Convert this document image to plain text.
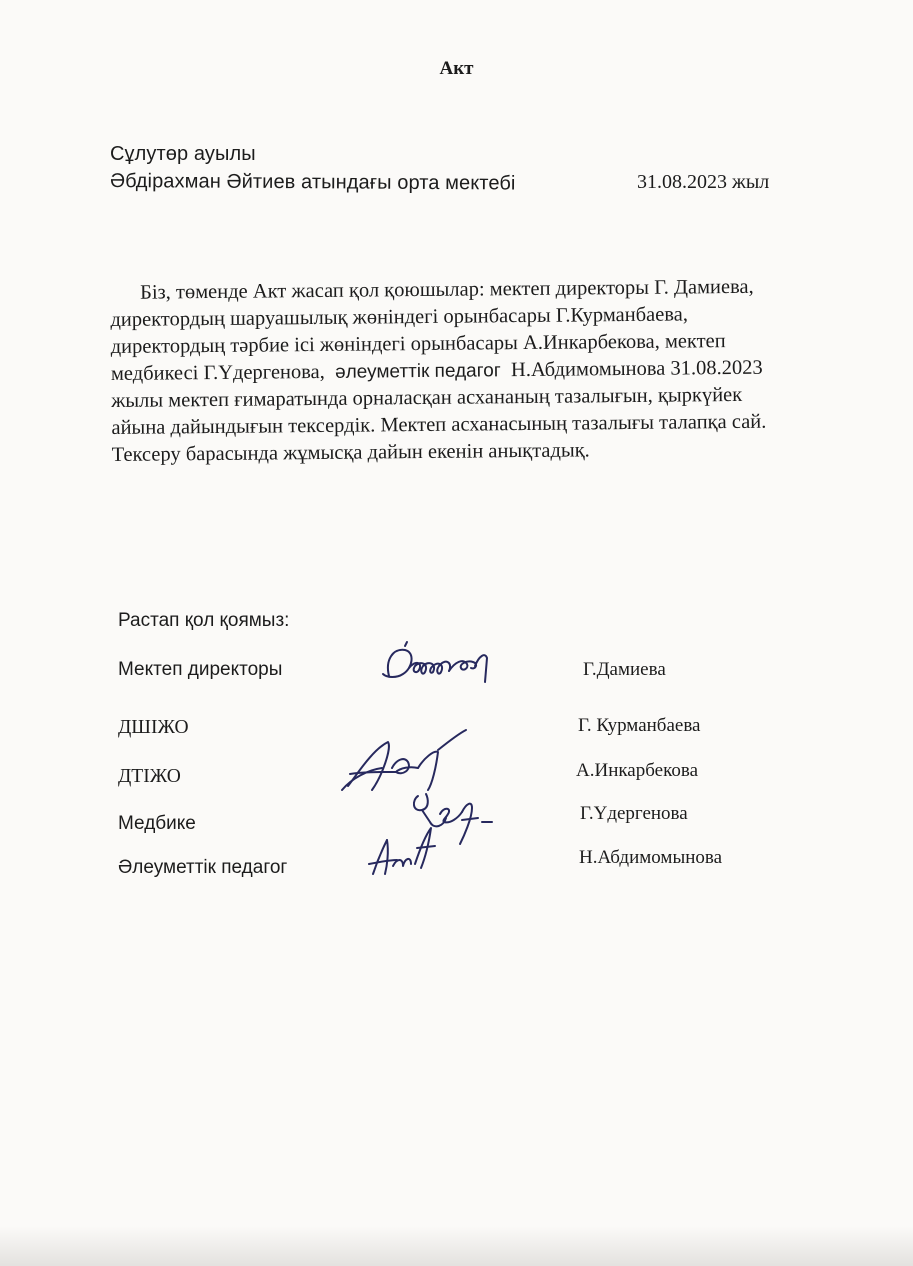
Акт
Сұлутөр ауылы
Әбдірахман Әйтиев атындағы орта мектебі	31.08.2023 жыл
Біз, төменде Акт жасап қол қоюшылар: мектеп директоры Г. Дамиева,
директордың шаруашылық жөніндегі орынбасары Г.Курманбаева,
директордың тәрбие ісі жөніндегі орынбасары А.Инкарбекова, мектеп
медбикесі Г.Үдергенова, әлеуметтік педагог Н.Абдимомынова 31.08.2023
жылы мектеп ғимаратында орналасқан асхананың тазалығын, қыркүйек
айына дайындығын тексердік. Мектеп асханасының тазалығы талапқа сай.
Тексеру барасында жұмысқа дайын екенін анықтадық.
Растап қол қоямыз:
Мектеп директоры	Г.Дамиева
ДШІЖО	Г. Курманбаева
ДТІЖО	А.Инкарбекова
Медбике	Г.Үдергенова
Әлеуметтік педагог	Н.Абдимомынова
